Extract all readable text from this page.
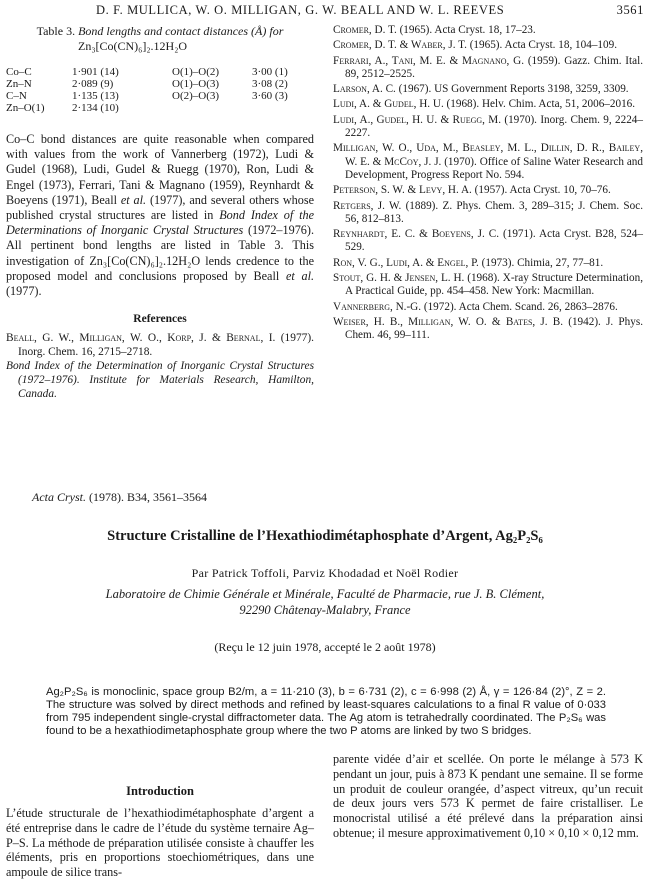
D. F. MULLICA, W. O. MILLIGAN, G. W. BEALL AND W. L. REEVES	3561
Table 3. Bond lengths and contact distances (Å) for
Zn₃[Co(CN)₆]₂.12H₂O
Co–C	1·901 (14)	O(1)–O(2)	3·00 (1)
Zn–N	2·089 (9)	O(1)–O(3)	3·08 (2)
C–N	1·135 (13)	O(2)–O(3)	3·60 (3)
Zn–O(1)	2·134 (10)
Co–C bond distances are quite reasonable when compared with values from the work of Vannerberg (1972), Ludi & Gudel (1968), Ludi, Gudel & Ruegg (1970), Ron, Ludi & Engel (1973), Ferrari, Tani & Magnano (1959), Reynhardt & Boeyens (1971), Beall et al. (1977), and several others whose published crystal structures are listed in Bond Index of the Determinations of Inorganic Crystal Structures (1972–1976). All pertinent bond lengths are listed in Table 3. This investigation of Zn₃[Co(CN)₆]₂.12H₂O lends credence to the proposed model and conclusions proposed by Beall et al. (1977).
References
Beall, G. W., Milligan, W. O., Korp, J. & Bernal, I. (1977). Inorg. Chem. 16, 2715–2718.
Bond Index of the Determination of Inorganic Crystal Structures (1972–1976). Institute for Materials Research, Hamilton, Canada.
Cromer, D. T. (1965). Acta Cryst. 18, 17–23.
Cromer, D. T. & Waber, J. T. (1965). Acta Cryst. 18, 104–109.
Ferrari, A., Tani, M. E. & Magnano, G. (1959). Gazz. Chim. Ital. 89, 2512–2525.
Larson, A. C. (1967). US Government Reports 3198, 3259, 3309.
Ludi, A. & Gudel, H. U. (1968). Helv. Chim. Acta, 51, 2006–2016.
Ludi, A., Gudel, H. U. & Ruegg, M. (1970). Inorg. Chem. 9, 2224–2227.
Milligan, W. O., Uda, M., Beasley, M. L., Dillin, D. R., Bailey, W. E. & McCoy, J. J. (1970). Office of Saline Water Research and Development, Progress Report No. 594.
Peterson, S. W. & Levy, H. A. (1957). Acta Cryst. 10, 70–76.
Retgers, J. W. (1889). Z. Phys. Chem. 3, 289–315; J. Chem. Soc. 56, 812–813.
Reynhardt, E. C. & Boeyens, J. C. (1971). Acta Cryst. B28, 524–529.
Ron, V. G., Ludi, A. & Engel, P. (1973). Chimia, 27, 77–81.
Stout, G. H. & Jensen, L. H. (1968). X-ray Structure Determination, A Practical Guide, pp. 454–458. New York: Macmillan.
Vannerberg, N.-G. (1972). Acta Chem. Scand. 26, 2863–2876.
Weiser, H. B., Milligan, W. O. & Bates, J. B. (1942). J. Phys. Chem. 46, 99–111.
Acta Cryst. (1978). B34, 3561–3564
Structure Cristalline de l’Hexathiodimétaphosphate d’Argent, Ag₂P₂S₆
Par Patrick Toffoli, Parviz Khodadad et Noël Rodier
Laboratoire de Chimie Générale et Minérale, Faculté de Pharmacie, rue J. B. Clément,
92290 Châtenay-Malabry, France
(Reçu le 12 juin 1978, accepté le 2 août 1978)
Ag₂P₂S₆ is monoclinic, space group B2/m, a = 11·210 (3), b = 6·731 (2), c = 6·998 (2) Å, γ = 126·84 (2)°, Z = 2. The structure was solved by direct methods and refined by least-squares calculations to a final R value of 0·033 from 795 independent single-crystal diffractometer data. The Ag atom is tetrahedrally coordinated. The P₂S₆ was found to be a hexathiodimetaphosphate group where the two P atoms are linked by two S bridges.
Introduction
L’étude structurale de l’hexathiodimétaphosphate d’argent a été entreprise dans le cadre de l’étude du système ternaire Ag–P–S. La méthode de préparation utilisée consiste à chauffer les éléments, pris en proportions stoechiométriques, dans une ampoule de silice trans-
parente vidée d’air et scellée. On porte le mélange à 573 K pendant un jour, puis à 873 K pendant une semaine. Il se forme un produit de couleur orangée, d’aspect vitreux, qu’un recuit de deux jours vers 573 K permet de faire cristalliser. Le monocristal utilisé a été prélevé dans la préparation ainsi obtenue; il mesure approximativement 0,10 × 0,10 × 0,12 mm.
